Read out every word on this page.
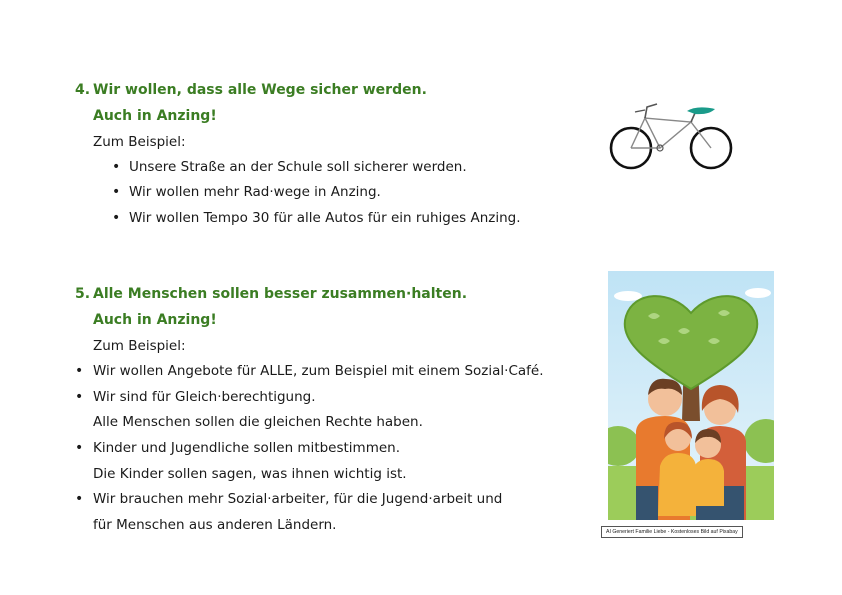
4. Wir wollen, dass alle Wege sicher werden.
Auch in Anzing!
Zum Beispiel:
• Unsere Straße an der Schule soll sicherer werden.
• Wir wollen mehr Rad·wege in Anzing.
• Wir wollen Tempo 30 für alle Autos für ein ruhiges Anzing.
5. Alle Menschen sollen besser zusammen·halten.
Auch in Anzing!
Zum Beispiel:
• Wir wollen Angebote für ALLE, zum Beispiel mit einem Sozial·Café.
• Wir sind für Gleich·berechtigung.
Alle Menschen sollen die gleichen Rechte haben.
• Kinder und Jugendliche sollen mitbestimmen.
Die Kinder sollen sagen, was ihnen wichtig ist.
• Wir brauchen mehr Sozial·arbeiter, für die Jugend·arbeit und
für Menschen aus anderen Ländern.	AI Generiert Familie Liebe - Kostenloses Bild auf Pixabay
